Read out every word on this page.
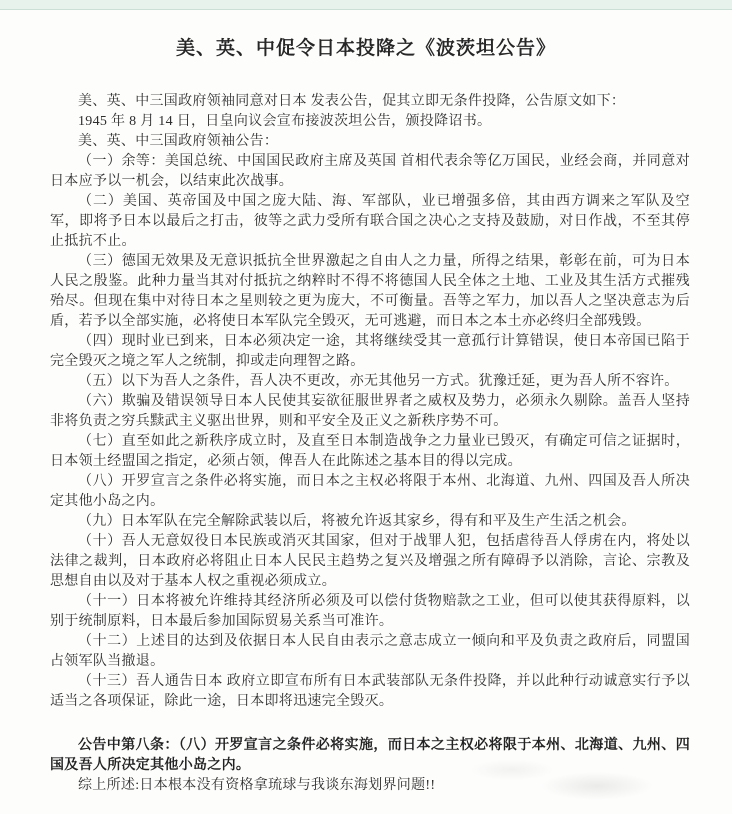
美、英、中促令日本投降之《波茨坦公告》

美、英、中三国政府领袖同意对日本 发表公告，促其立即无条件投降，公告原文如下：

1945 年 8 月 14 日，日皇向议会宣布接波茨坦公告，颁投降诏书。

美、英、中三国政府领袖公告：

（一）余等：美国总统、中国国民政府主席及英国 首相代表余等亿万国民，业经会商，并同意对日本应予以一机会，以结束此次战事。

（二）美国、英帝国及中国之庞大陆、海、军部队，业已增强多倍，其由西方调来之军队及空军，即将予日本以最后之打击，彼等之武力受所有联合国之决心之支持及鼓励，对日作战，不至其停止抵抗不止。

（三）德国无效果及无意识抵抗全世界激起之自由人之力量，所得之结果，彰彰在前，可为日本人民之殷鉴。此种力量当其对付抵抗之纳粹时不得不将德国人民全体之土地、工业及其生活方式摧残殆尽。但现在集中对待日本之星则较之更为庞大，不可衡量。吾等之军力，加以吾人之坚决意志为后盾，若予以全部实施，必将使日本军队完全毁灭，无可逃避，而日本之本土亦必终归全部残毁。

（四）现时业已到来，日本必须决定一途，其将继续受其一意孤行计算错误，使日本帝国已陷于完全毁灭之境之军人之统制，抑或走向理智之路。

（五）以下为吾人之条件，吾人决不更改，亦无其他另一方式。犹豫迁延，更为吾人所不容许。

（六）欺骗及错误领导日本人民使其妄欲征服世界者之威权及势力，必须永久剔除。盖吾人坚持非将负责之穷兵黩武主义驱出世界，则和平安全及正义之新秩序势不可。

（七）直至如此之新秩序成立时，及直至日本制造战争之力量业已毁灭，有确定可信之证据时，日本领土经盟国之指定，必须占领，俾吾人在此陈述之基本目的得以完成。

（八）开罗宣言之条件必将实施，而日本之主权必将限于本州、北海道、九州、四国及吾人所决定其他小岛之内。

（九）日本军队在完全解除武装以后，将被允许返其家乡，得有和平及生产生活之机会。

（十）吾人无意奴役日本民族或消灭其国家，但对于战罪人犯，包括虐待吾人俘虏在内，将处以法律之裁判，日本政府必将阻止日本人民民主趋势之复兴及增强之所有障碍予以消除，言论、宗教及思想自由以及对于基本人权之重视必须成立。

（十一）日本将被允许维持其经济所必须及可以偿付货物赔款之工业，但可以使其获得原料，以别于统制原料，日本最后参加国际贸易关系当可准许。

（十二）上述目的达到及依据日本人民自由表示之意志成立一倾向和平及负责之政府后，同盟国占领军队当撤退。

（十三）吾人通告日本 政府立即宣布所有日本武装部队无条件投降，并以此种行动诚意实行予以适当之各项保证，除此一途，日本即将迅速完全毁灭。

公告中第八条：（八）开罗宣言之条件必将实施，而日本之主权必将限于本州、北海道、九州、四国及吾人所决定其他小岛之内。

综上所述:日本根本没有资格拿琉球与我谈东海划界问题!!
